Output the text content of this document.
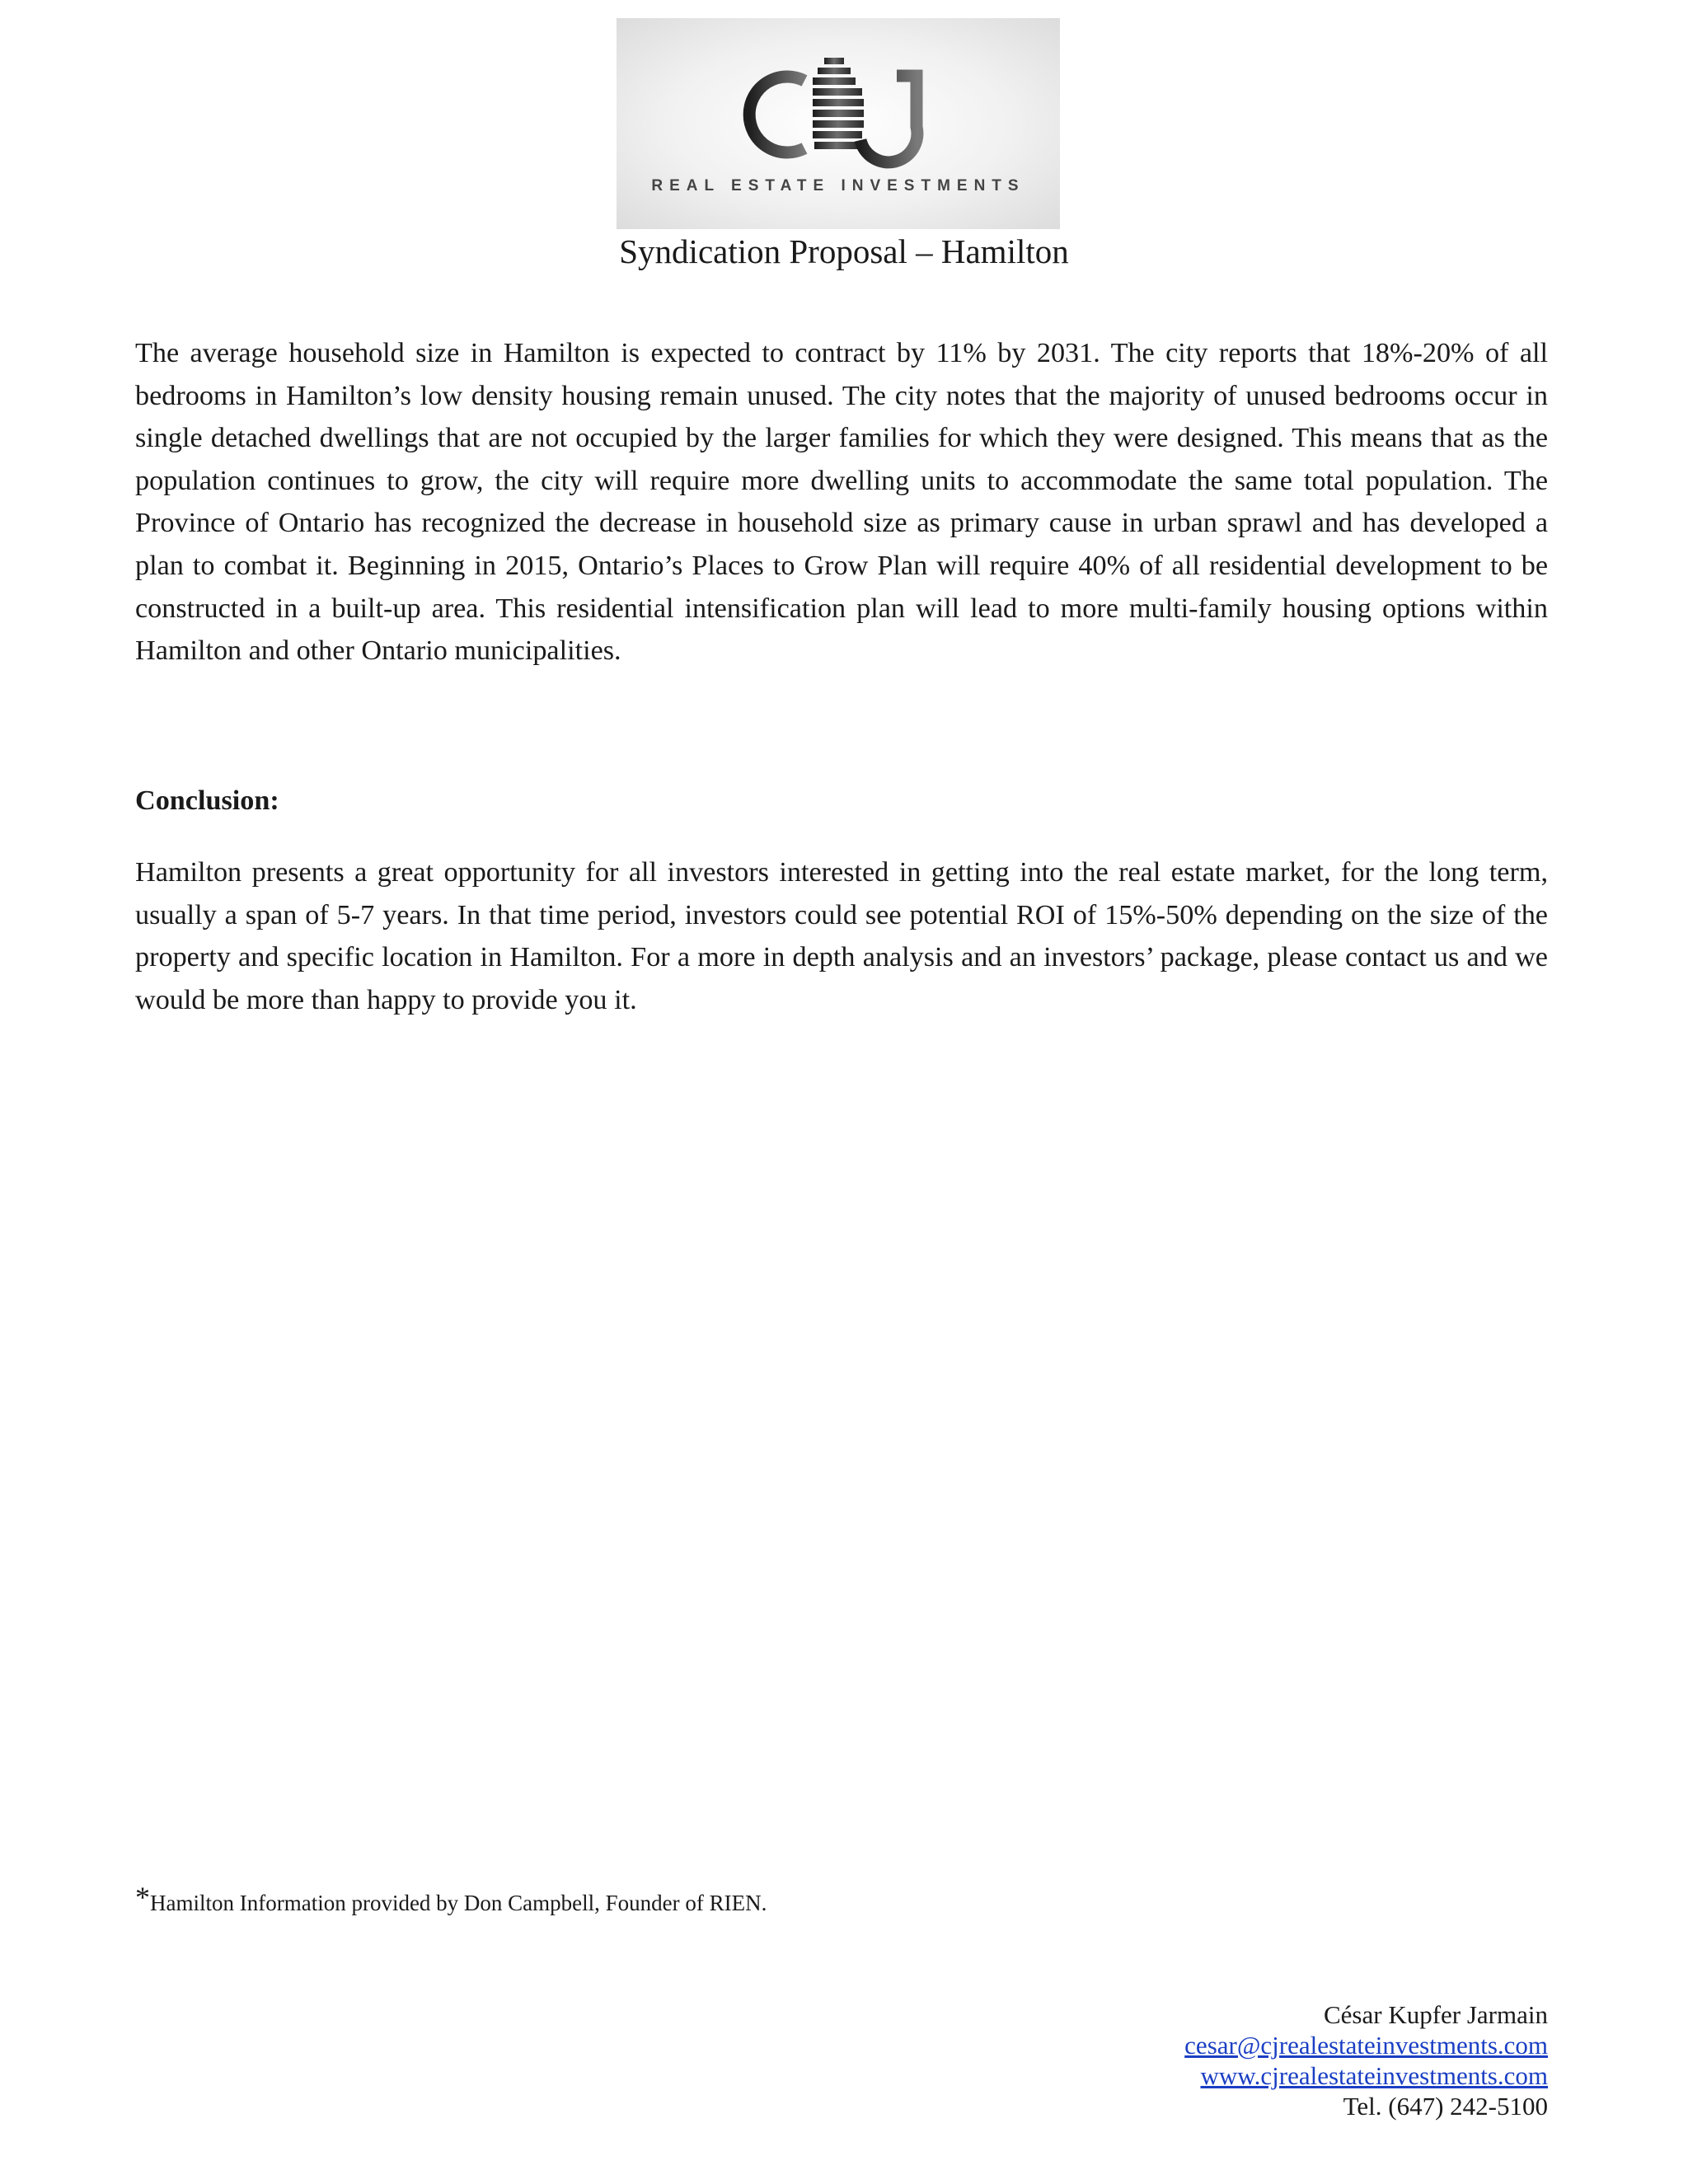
REAL ESTATE INVESTMENTS
Syndication Proposal – Hamilton

The average household size in Hamilton is expected to contract by 11% by 2031. The city reports that 18%-20% of all bedrooms in Hamilton’s low density housing remain unused. The city notes that the majority of unused bedrooms occur in single detached dwellings that are not occupied by the larger families for which they were designed. This means that as the population continues to grow, the city will require more dwelling units to accommodate the same total population. The Province of Ontario has recognized the decrease in household size as primary cause in urban sprawl and has developed a plan to combat it. Beginning in 2015, Ontario’s Places to Grow Plan will require 40% of all residential development to be constructed in a built-up area. This residential intensification plan will lead to more multi-family housing options within Hamilton and other Ontario municipalities.

Conclusion:

Hamilton presents a great opportunity for all investors interested in getting into the real estate market, for the long term, usually a span of 5-7 years. In that time period, investors could see potential ROI of 15%-50% depending on the size of the property and specific location in Hamilton. For a more in depth analysis and an investors’ package, please contact us and we would be more than happy to provide you it.

*Hamilton Information provided by Don Campbell, Founder of RIEN.
César Kupfer Jarmain
cesar@cjrealestateinvestments.com
www.cjrealestateinvestments.com
Tel. (647) 242-5100
